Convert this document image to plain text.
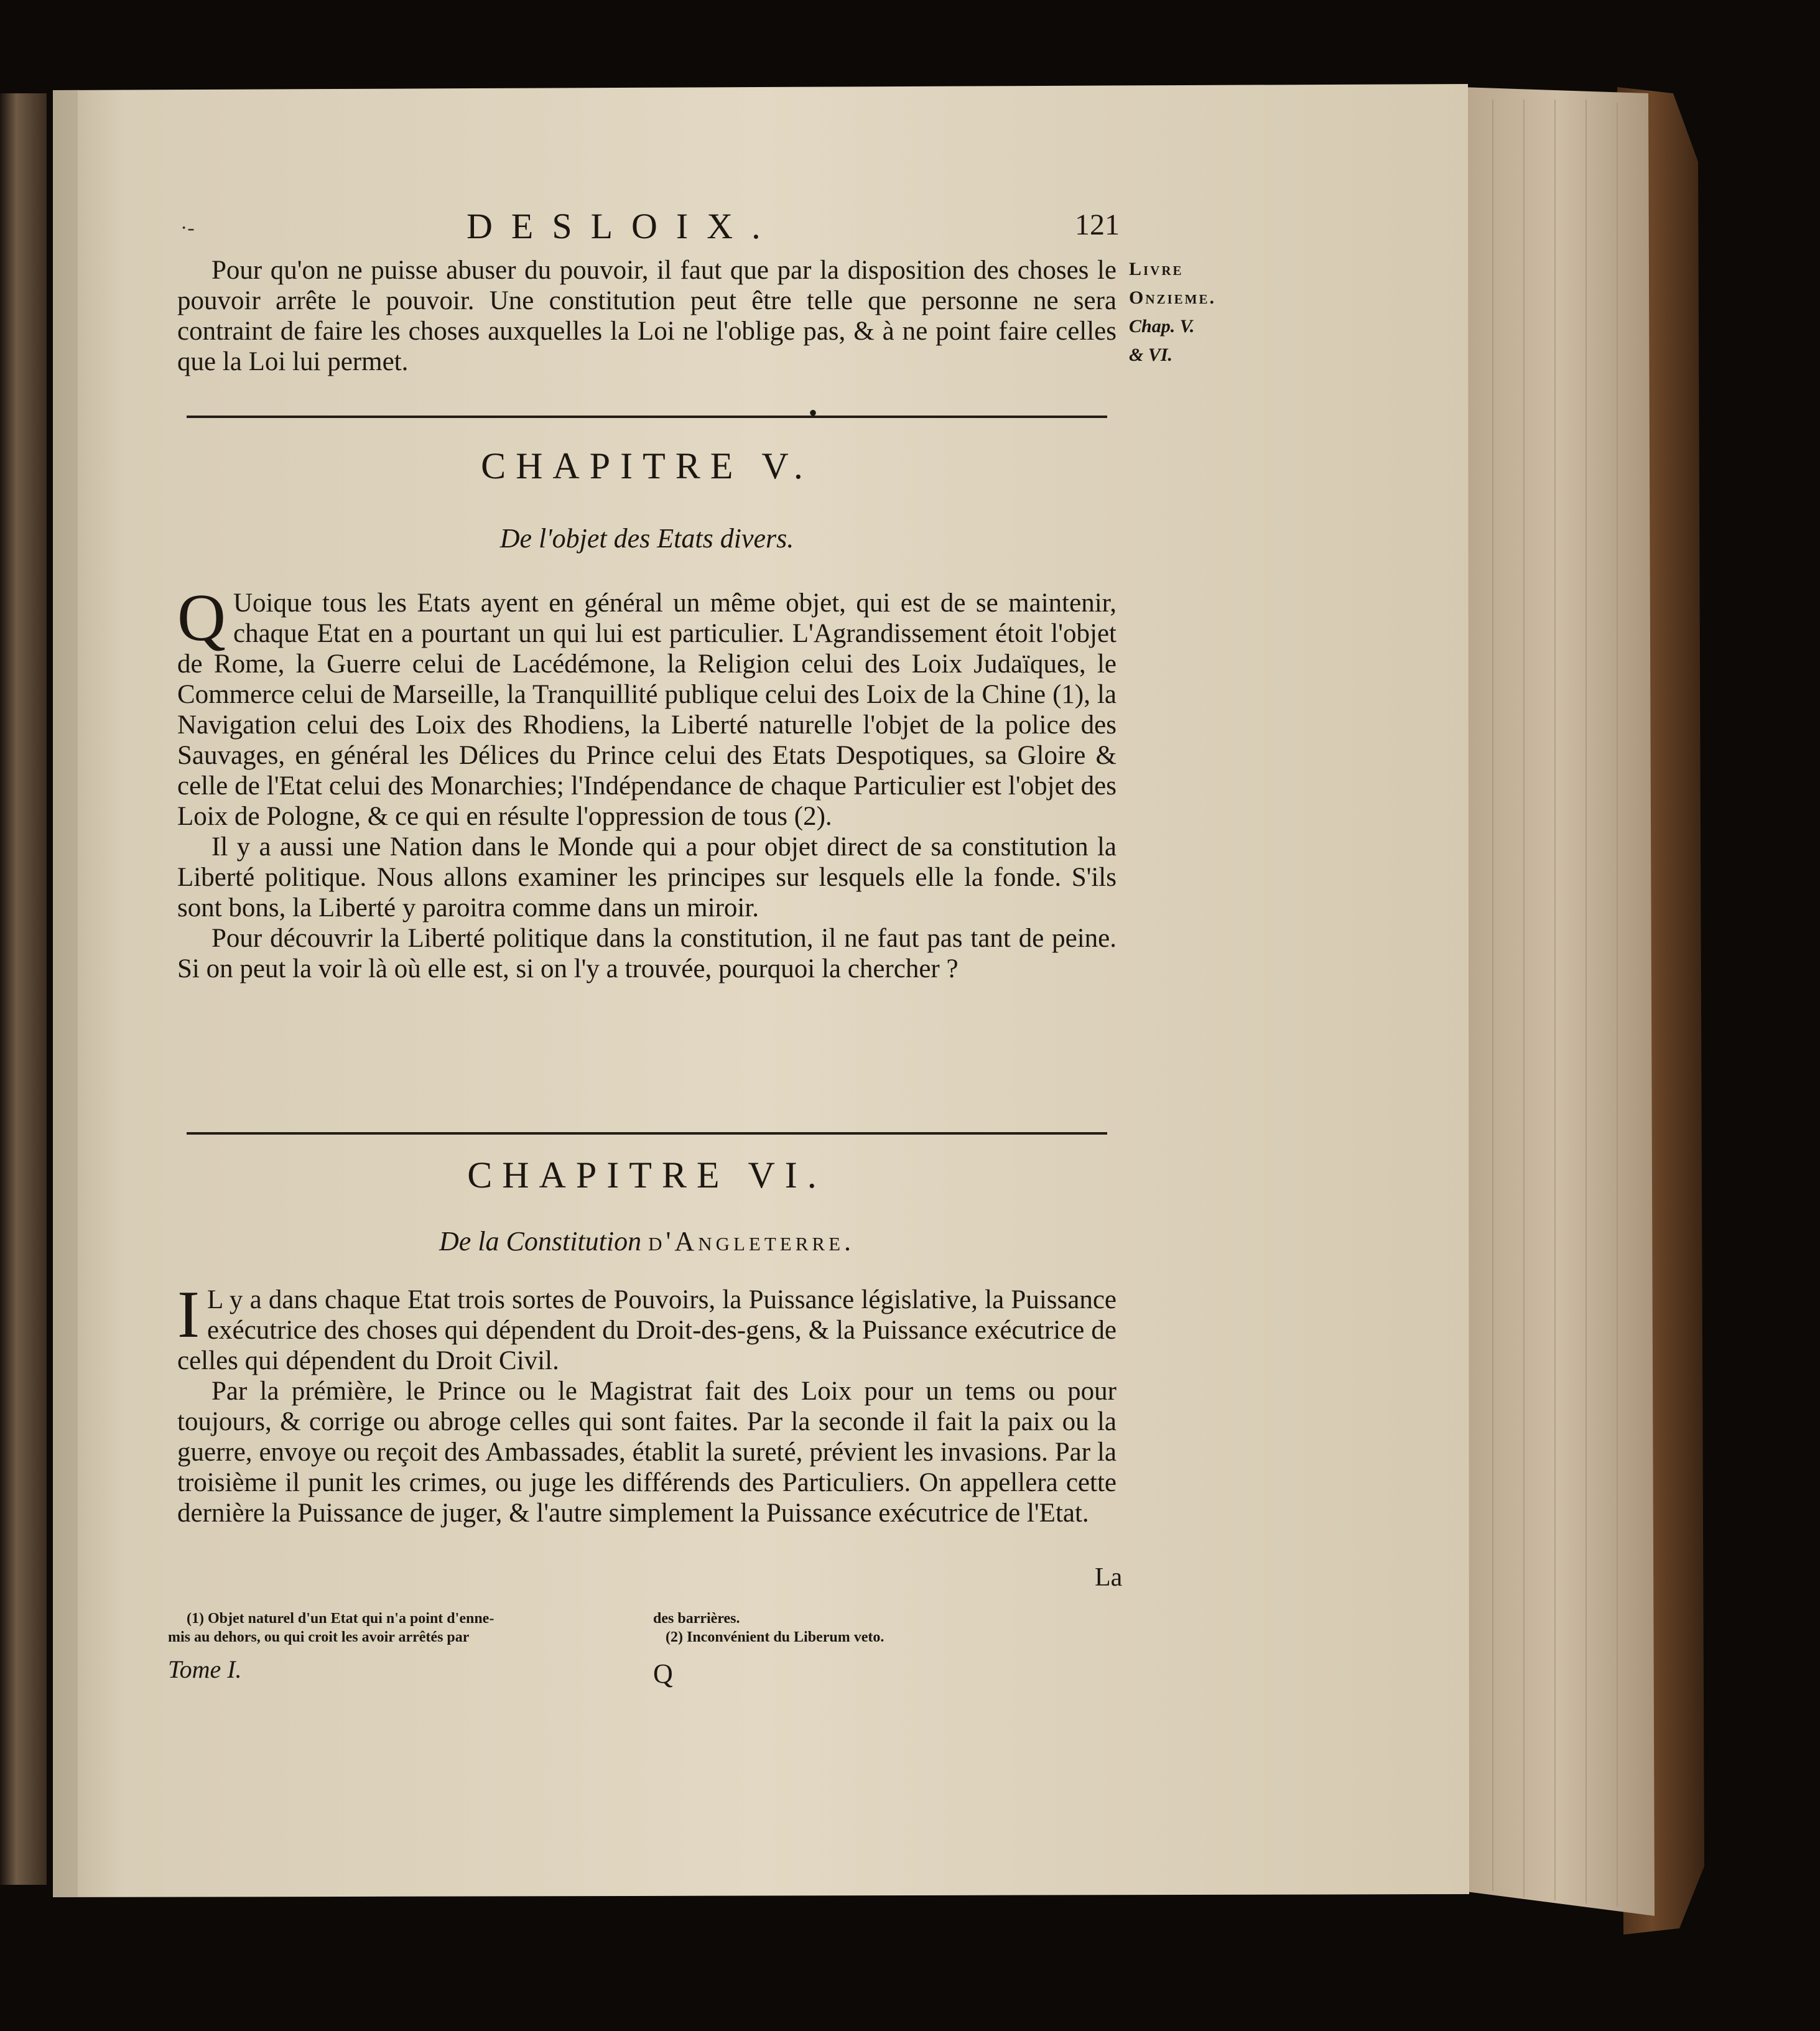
·-	DESLOIX.	121
Livre
Onzieme.
Chap. V.
& VI.

Pour qu'on ne puisse abuser du pouvoir, il faut que par la disposition des choses le pouvoir arrête le pouvoir. Une constitution peut être telle que personne ne sera contraint de faire les choses auxquelles la Loi ne l'oblige pas, & à ne point faire celles que la Loi lui permet.

•
CHAPITRE V.
De l'objet des Etats divers.

Q Uoique tous les Etats ayent en général un même objet, qui est de se maintenir, chaque Etat en a pourtant un qui lui est particulier. L'Agrandissement étoit l'objet de Rome, la Guerre celui de Lacédémone, la Religion celui des Loix Judaïques, le Commerce celui de Marseille, la Tranquillité publique celui des Loix de la Chine (1), la Navigation celui des Loix des Rhodiens, la Liberté naturelle l'objet de la police des Sauvages, en général les Délices du Prince celui des Etats Despotiques, sa Gloire & celle de l'Etat celui des Monarchies; l'Indépendance de chaque Particulier est l'objet des Loix de Pologne, & ce qui en résulte l'oppression de tous (2).

Il y a aussi une Nation dans le Monde qui a pour objet direct de sa constitution la Liberté politique. Nous allons examiner les principes sur lesquels elle la fonde. S'ils sont bons, la Liberté y paroitra comme dans un miroir.

Pour découvrir la Liberté politique dans la constitution, il ne faut pas tant de peine. Si on peut la voir là où elle est, si on l'y a trouvée, pourquoi la chercher ?

CHAPITRE VI.
De la Constitution d'Angleterre.

I L y a dans chaque Etat trois sortes de Pouvoirs, la Puissance législative, la Puissance exécutrice des choses qui dépendent du Droit-des-gens, & la Puissance exécutrice de celles qui dépendent du Droit Civil.

Par la prémière, le Prince ou le Magistrat fait des Loix pour un tems ou pour toujours, & corrige ou abroge celles qui sont faites. Par la seconde il fait la paix ou la guerre, envoye ou reçoit des Ambassades, établit la sureté, prévient les invasions. Par la troisième il punit les crimes, ou juge les différends des Particuliers. On appellera cette dernière la Puissance de juger, & l'autre simplement la Puissance exécutrice de l'Etat.

La
(1) Objet naturel d'un Etat qui n'a point d'enne-
mis au dehors, ou qui croit les avoir arrêtés par
des barrières.
(2) Inconvénient du Liberum veto.
Tome I.	Q
